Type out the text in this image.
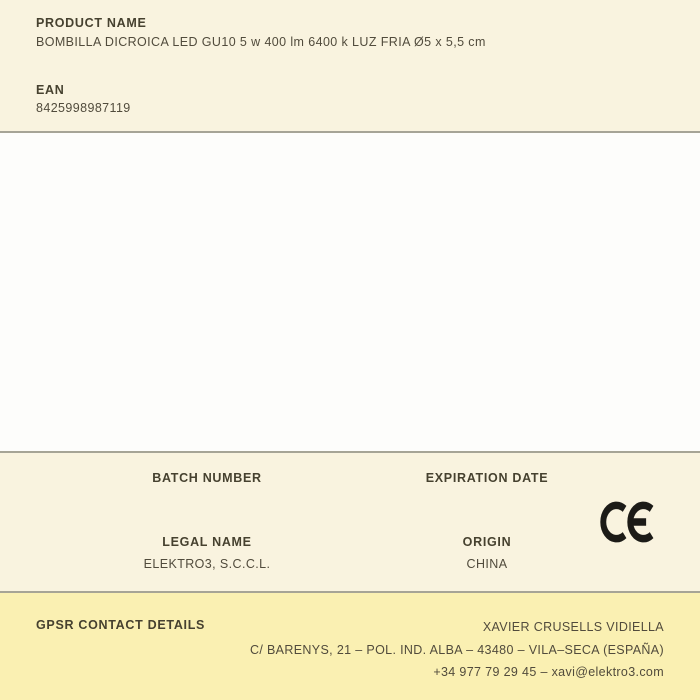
PRODUCT NAME
BOMBILLA DICROICA LED GU10 5 w 400 lm 6400 k LUZ FRIA Ø5 x 5,5 cm
EAN
8425998987119
BATCH NUMBER
LEGAL NAME
ELEKTRO3, S.C.C.L.
EXPIRATION DATE
ORIGIN
CHINA
GPSR CONTACT DETAILS	XAVIER CRUSELLS VIDIELLA
C/ BARENYS, 21 – POL. IND. ALBA – 43480 – VILA–SECA (ESPAÑA)
+34 977 79 29 45 – xavi@elektro3.com
